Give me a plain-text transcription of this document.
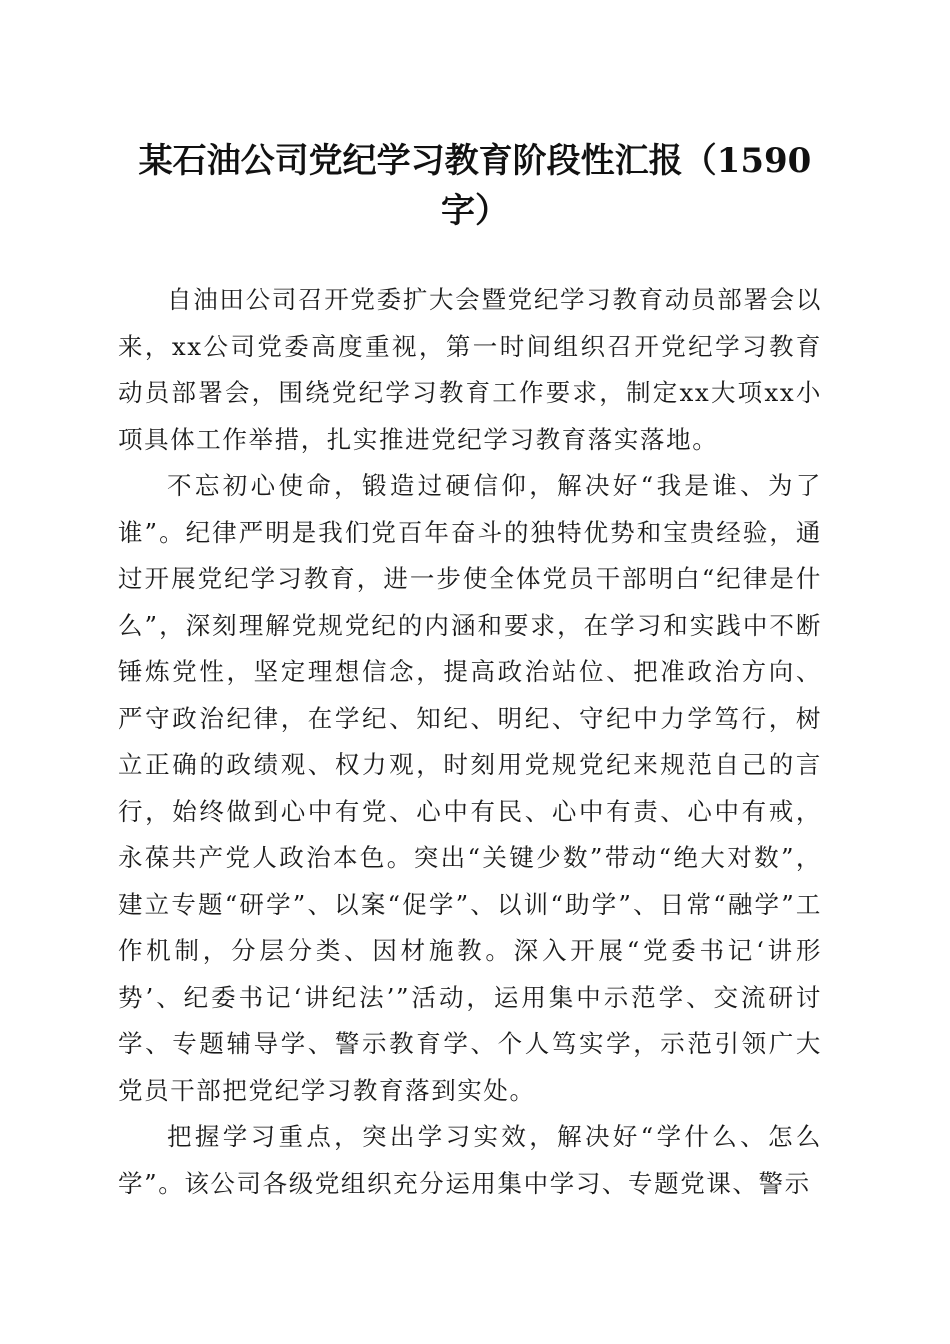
某石油公司党纪学习教育阶段性汇报（1590字）

自油田公司召开党委扩大会暨党纪学习教育动员部署会以来，xx公司党委高度重视，第一时间组织召开党纪学习教育动员部署会，围绕党纪学习教育工作要求，制定xx大项xx小项具体工作举措，扎实推进党纪学习教育落实落地。

不忘初心使命，锻造过硬信仰，解决好“我是谁、为了谁”。纪律严明是我们党百年奋斗的独特优势和宝贵经验，通过开展党纪学习教育，进一步使全体党员干部明白“纪律是什么”，深刻理解党规党纪的内涵和要求，在学习和实践中不断锤炼党性，坚定理想信念，提高政治站位、把准政治方向、严守政治纪律，在学纪、知纪、明纪、守纪中力学笃行，树立正确的政绩观、权力观，时刻用党规党纪来规范自己的言行，始终做到心中有党、心中有民、心中有责、心中有戒，永葆共产党人政治本色。突出“关键少数”带动“绝大对数”，建立专题“研学”、以案“促学”、以训“助学”、日常“融学”工作机制，分层分类、因材施教。深入开展“党委书记‘讲形势’、纪委书记‘讲纪法’”活动，运用集中示范学、交流研讨学、专题辅导学、警示教育学、个人笃实学，示范引领广大党员干部把党纪学习教育落到实处。

把握学习重点，突出学习实效，解决好“学什么、怎么学”。该公司各级党组织充分运用集中学习、专题党课、警示
